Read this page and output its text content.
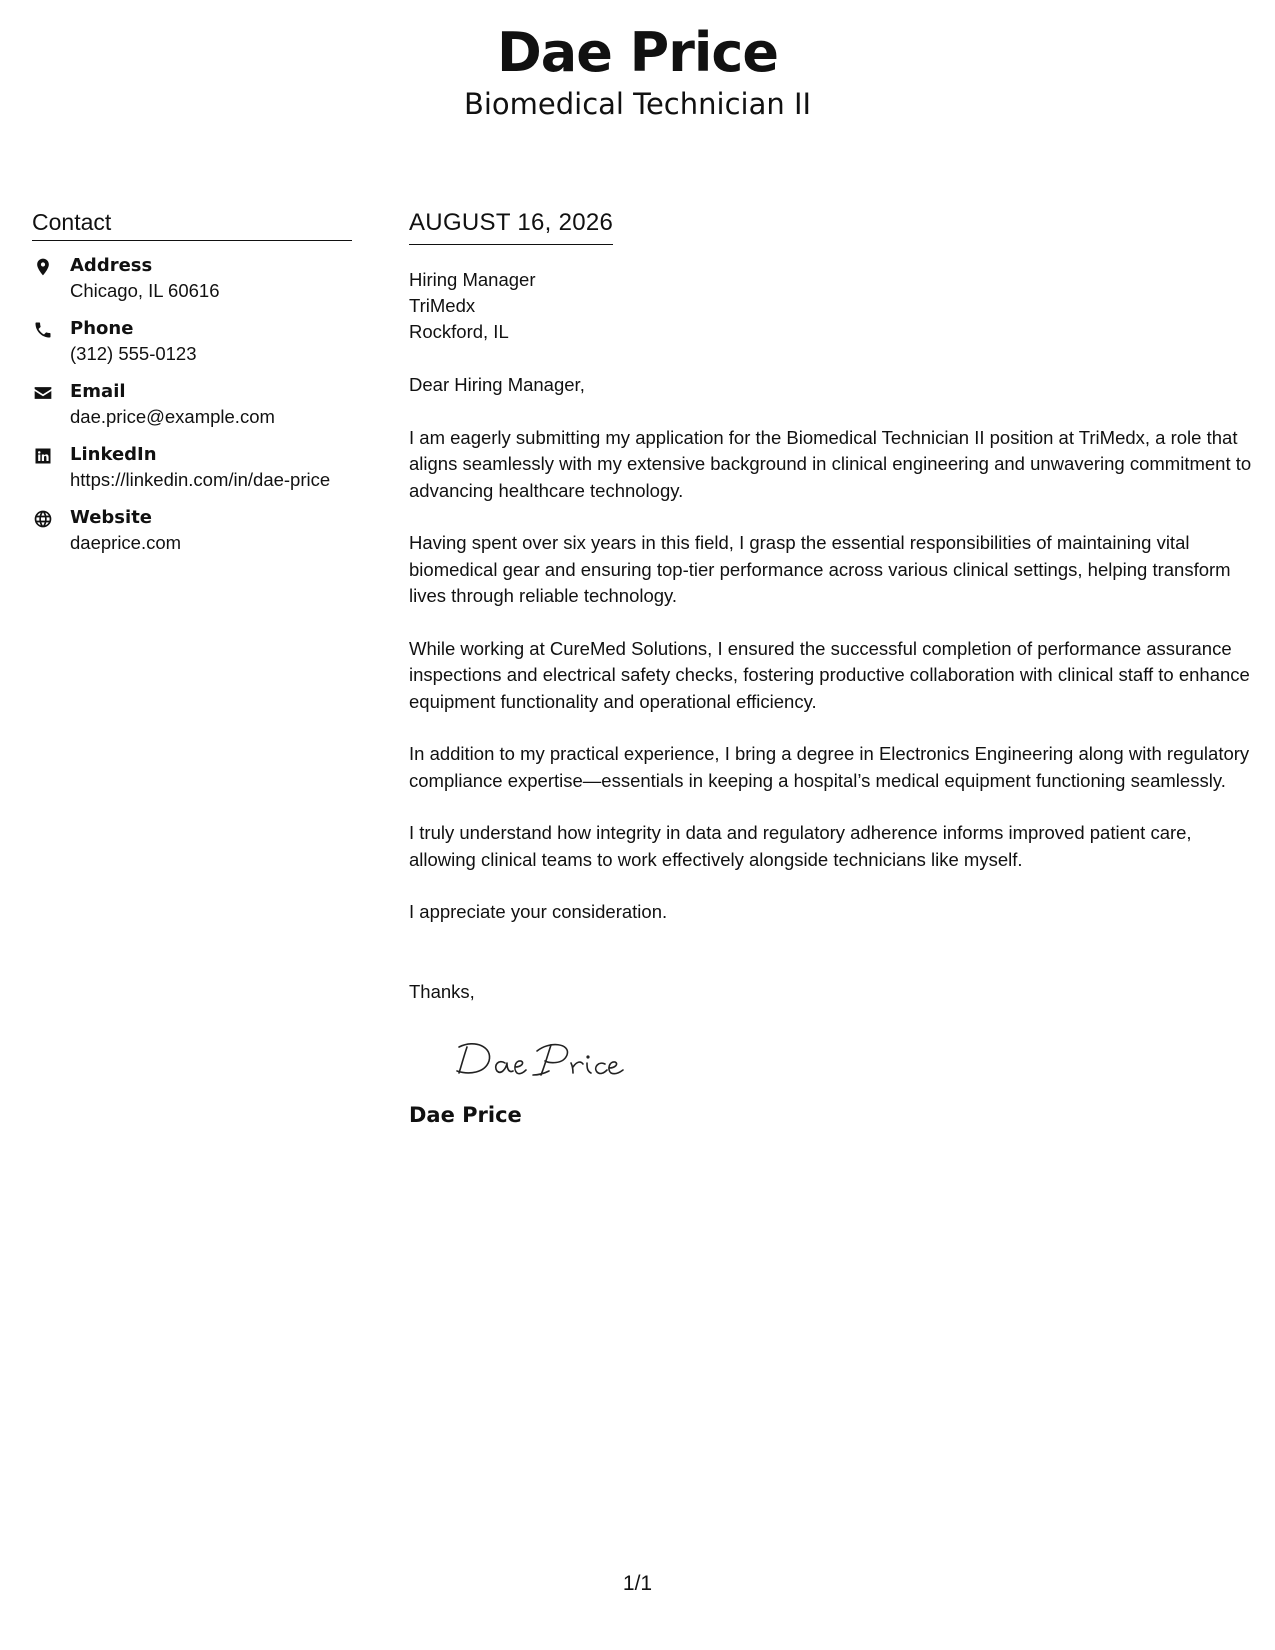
Dae Price
Biomedical Technician II
Contact
Address
Chicago, IL 60616
Phone
(312) 555-0123
Email
dae.price@example.com
LinkedIn
https://linkedin.com/in/dae-price
Website
daeprice.com
AUGUST 16, 2026
Hiring Manager
TriMedx
Rockford, IL
Dear Hiring Manager,
I am eagerly submitting my application for the Biomedical Technician II position at TriMedx, a role that aligns seamlessly with my extensive background in clinical engineering and unwavering commitment to advancing healthcare technology.
Having spent over six years in this field, I grasp the essential responsibilities of maintaining vital biomedical gear and ensuring top-tier performance across various clinical settings, helping transform lives through reliable technology.
While working at CureMed Solutions, I ensured the successful completion of performance assurance inspections and electrical safety checks, fostering productive collaboration with clinical staff to enhance equipment functionality and operational efficiency.
In addition to my practical experience, I bring a degree in Electronics Engineering along with regulatory compliance expertise—essentials in keeping a hospital’s medical equipment functioning seamlessly.
I truly understand how integrity in data and regulatory adherence informs improved patient care, allowing clinical teams to work effectively alongside technicians like myself.
I appreciate your consideration.
Thanks,
Dae Price
1/1
